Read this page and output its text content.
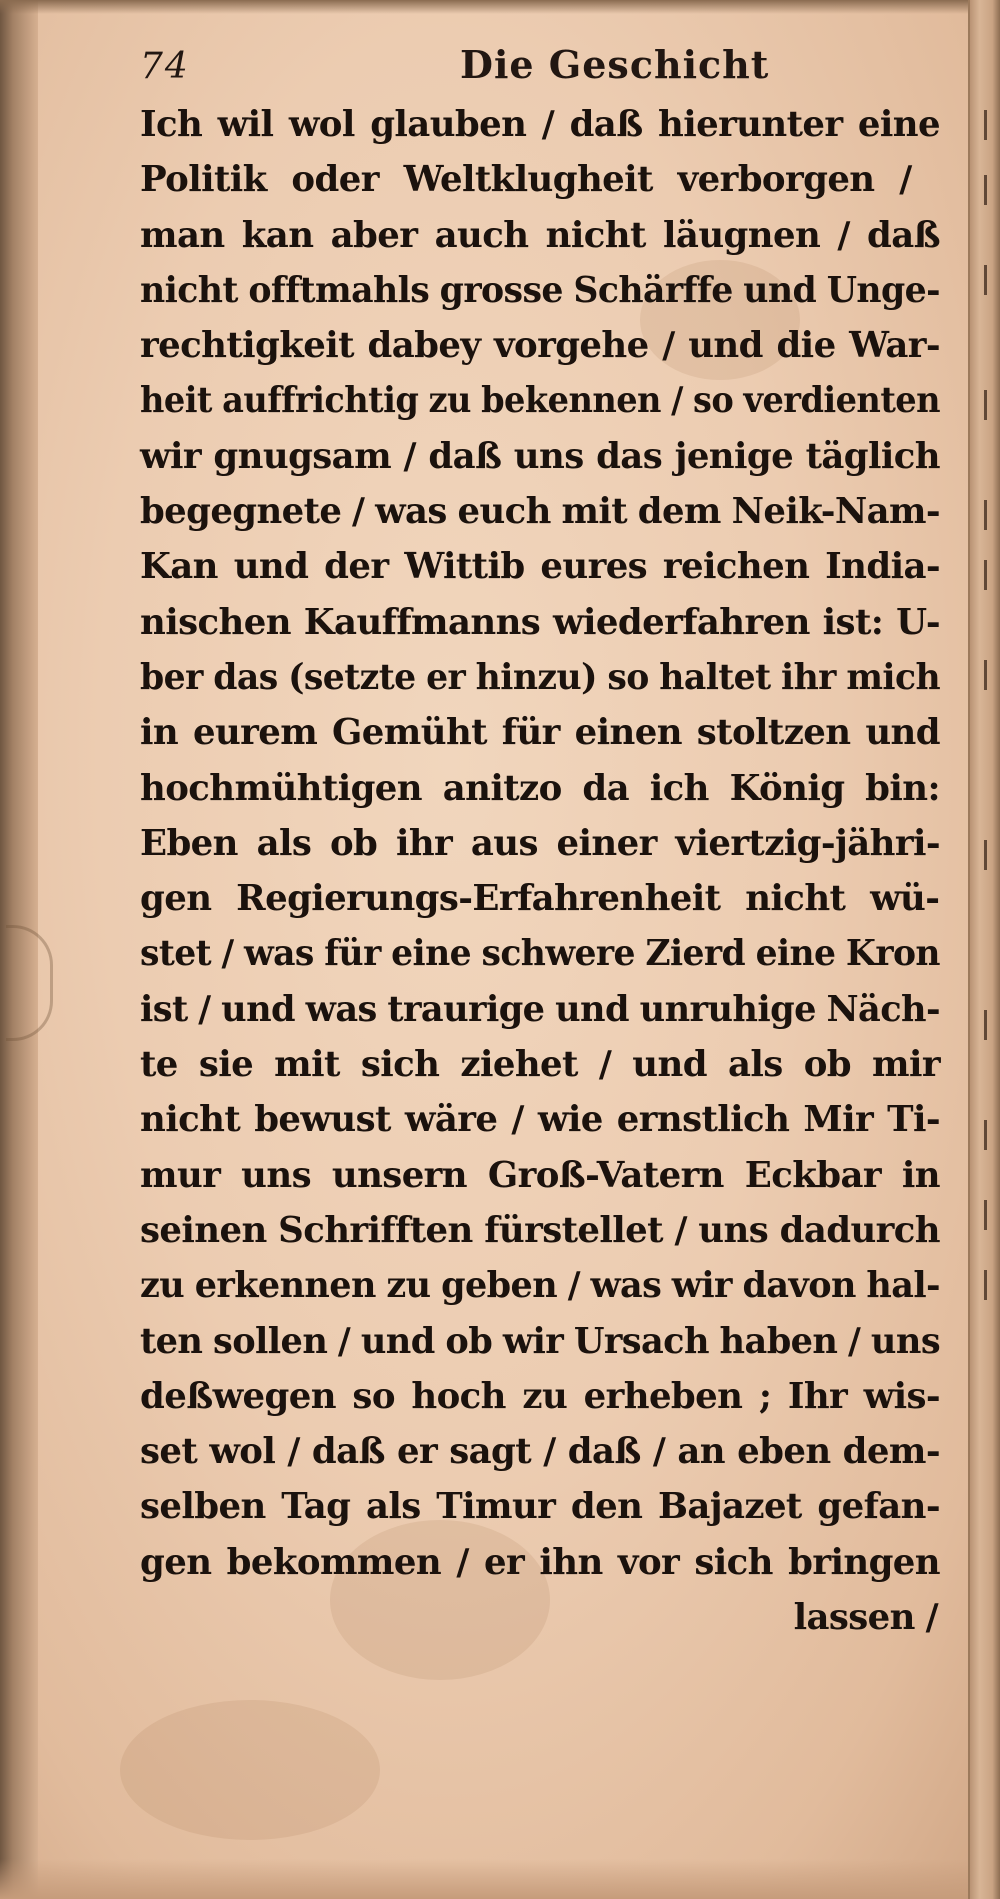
74	Die Geschicht
Ich wil wol glauben / daß hierunter eine
Politik oder Weltklugheit verborgen /
man kan aber auch nicht läugnen / daß
nicht offtmahls grosse Schärffe und Unge-
rechtigkeit dabey vorgehe / und die War-
heit auffrichtig zu bekennen / so verdienten
wir gnugsam / daß uns das jenige täglich
begegnete / was euch mit dem Neik-Nam-
Kan und der Wittib eures reichen India-
nischen Kauffmanns wiederfahren ist: U-
ber das (setzte er hinzu) so haltet ihr mich
in eurem Gemüht für einen stoltzen und
hochmühtigen anitzo da ich König bin:
Eben als ob ihr aus einer viertzig-jähri-
gen Regierungs-Erfahrenheit nicht wü-
stet / was für eine schwere Zierd eine Kron
ist / und was traurige und unruhige Näch-
te sie mit sich ziehet / und als ob mir
nicht bewust wäre / wie ernstlich Mir Ti-
mur uns unsern Groß-Vatern Eckbar in
seinen Schrifften fürstellet / uns dadurch
zu erkennen zu geben / was wir davon hal-
ten sollen / und ob wir Ursach haben / uns
deßwegen so hoch zu erheben ; Ihr wis-
set wol / daß er sagt / daß / an eben dem-
selben Tag als Timur den Bajazet gefan-
gen bekommen / er ihn vor sich bringen
lassen /
